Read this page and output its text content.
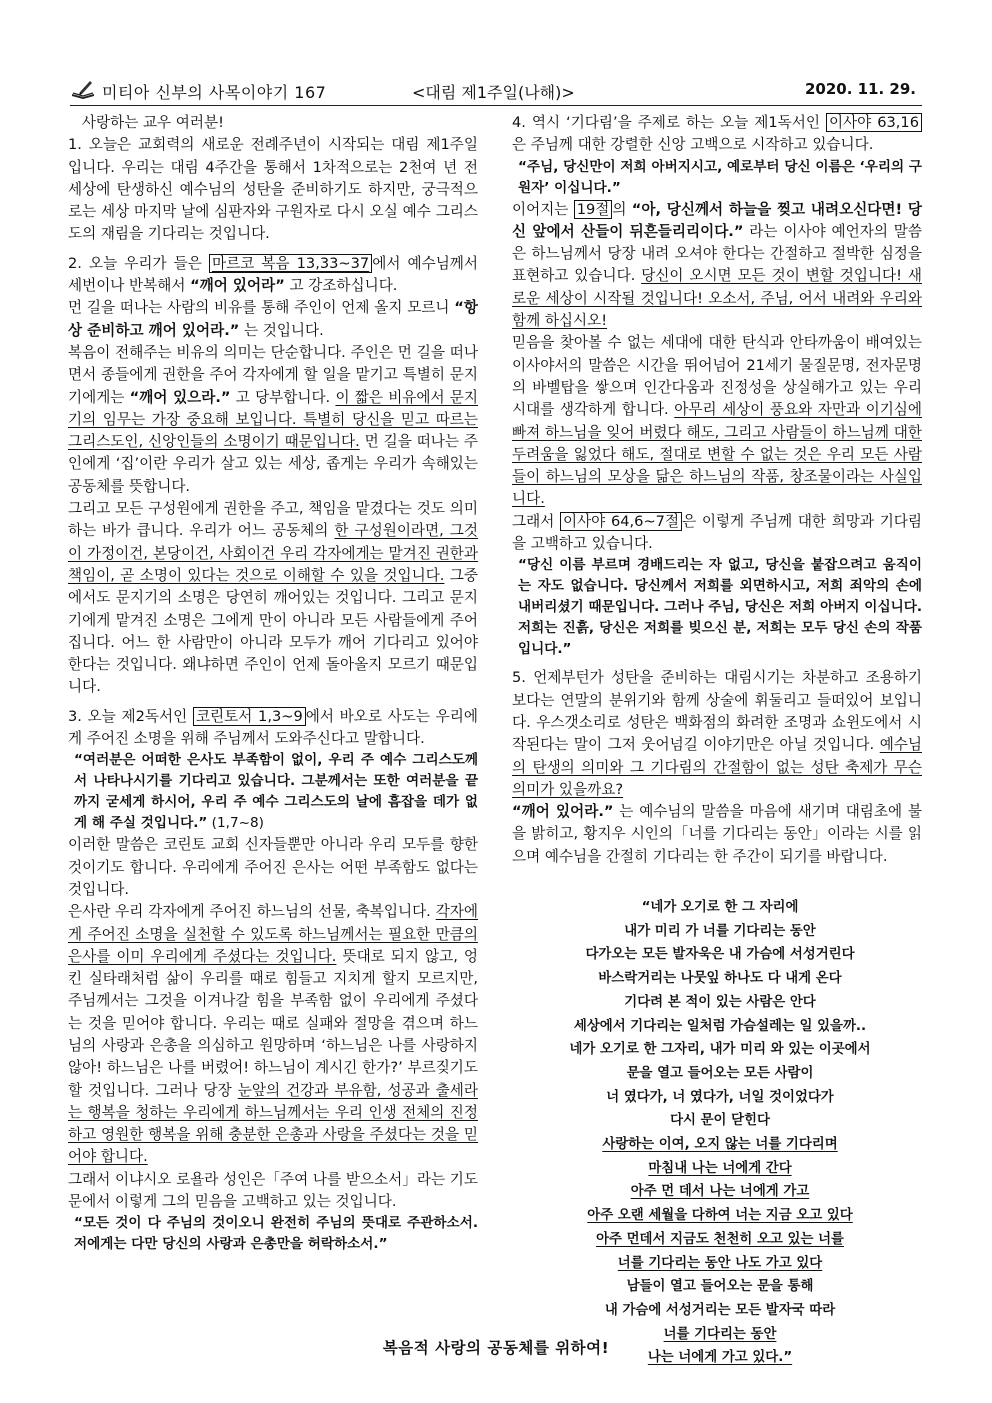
미티아 신부의 사목이야기 167	<대림 제1주일(나해)>	2020. 11. 29.

사랑하는 교우 여러분!

1. 오늘은 교회력의 새로운 전례주년이 시작되는 대림 제1주일 입니다. 우리는 대림 4주간을 통해서 1차적으로는 2천여 년 전 세상에 탄생하신 예수님의 성탄을 준비하기도 하지만, 궁극적으로는 세상 마지막 날에 심판자와 구원자로 다시 오실 예수 그리스도의 재림을 기다리는 것입니다.

2. 오늘 우리가 들은 마르코 복음 13,33~37 에서 예수님께서 세번이나 반복해서 “깨어 있어라” 고 강조하십니다.

먼 길을 떠나는 사람의 비유를 통해 주인이 언제 올지 모르니 “항상 준비하고 깨어 있어라.” 는 것입니다.

복음이 전해주는 비유의 의미는 단순합니다. 주인은 먼 길을 떠나면서 종들에게 권한을 주어 각자에게 할 일을 맡기고 특별히 문지기에게는 “깨어 있으라.” 고 당부합니다. 이 짧은 비유에서 문지기의 임무는 가장 중요해 보입니다. 특별히 당신을 믿고 따르는 그리스도인, 신앙인들의 소명이기 때문입니다. 먼 길을 떠나는 주인에게 ‘집’이란 우리가 살고 있는 세상, 좁게는 우리가 속해있는 공동체를 뜻합니다.

그리고 모든 구성원에게 권한을 주고, 책임을 맡겼다는 것도 의미하는 바가 큽니다. 우리가 어느 공동체의 한 구성원이라면, 그것이 가정이건, 본당이건, 사회이건 우리 각자에게는 맡겨진 권한과 책임이, 곧 소명이 있다는 것으로 이해할 수 있을 것입니다. 그중에서도 문지기의 소명은 당연히 깨어있는 것입니다. 그리고 문지기에게 맡겨진 소명은 그에게 만이 아니라 모든 사람들에게 주어집니다. 어느 한 사람만이 아니라 모두가 깨어 기다리고 있어야 한다는 것입니다. 왜냐하면 주인이 언제 돌아올지 모르기 때문입니다.

3. 오늘 제2독서인 코린토서 1,3~9 에서 바오로 사도는 우리에게 주어진 소명을 위해 주님께서 도와주신다고 말합니다.

“여러분은 어떠한 은사도 부족함이 없이, 우리 주 예수 그리스도께서 나타나시기를 기다리고 있습니다. 그분께서는 또한 여러분을 끝까지 굳세게 하시어, 우리 주 예수 그리스도의 날에 흠잡을 데가 없게 해 주실 것입니다.” (1,7~8)

이러한 말씀은 코린토 교회 신자들뿐만 아니라 우리 모두를 향한 것이기도 합니다. 우리에게 주어진 은사는 어떤 부족함도 없다는 것입니다.

은사란 우리 각자에게 주어진 하느님의 선물, 축복입니다. 각자에게 주어진 소명을 실천할 수 있도록 하느님께서는 필요한 만큼의 은사를 이미 우리에게 주셨다는 것입니다. 뜻대로 되지 않고, 엉킨 실타래처럼 삶이 우리를 때로 힘들고 지치게 할지 모르지만, 주님께서는 그것을 이겨나갈 힘을 부족함 없이 우리에게 주셨다는 것을 믿어야 합니다. 우리는 때로 실패와 절망을 겪으며 하느님의 사랑과 은총을 의심하고 원망하며 ‘하느님은 나를 사랑하지 않아! 하느님은 나를 버렸어! 하느님이 계시긴 한가?’ 부르짖기도 할 것입니다. 그러나 당장 눈앞의 건강과 부유함, 성공과 출세라는 행복을 청하는 우리에게 하느님께서는 우리 인생 전체의 진정하고 영원한 행복을 위해 충분한 은총과 사랑을 주셨다는 것을 믿어야 합니다.

그래서 이냐시오 로욜라 성인은「주여 나를 받으소서」라는 기도문에서 이렇게 그의 믿음을 고백하고 있는 것입니다.

“모든 것이 다 주님의 것이오니 완전히 주님의 뜻대로 주관하소서. 저에게는 다만 당신의 사랑과 은총만을 허락하소서.”

4. 역시 ‘기다림’을 주제로 하는 오늘 제1독서인 이사야 63,16은 주님께 대한 강렬한 신앙 고백으로 시작하고 있습니다.

“주님, 당신만이 저희 아버지시고, 예로부터 당신 이름은 ‘우리의 구원자’ 이십니다.”

이어지는 19절 의 “아, 당신께서 하늘을 찢고 내려오신다면! 당신 앞에서 산들이 뒤흔들리리이다.” 라는 이사야 예언자의 말씀은 하느님께서 당장 내려 오셔야 한다는 간절하고 절박한 심정을 표현하고 있습니다. 당신이 오시면 모든 것이 변할 것입니다! 새로운 세상이 시작될 것입니다! 오소서, 주님, 어서 내려와 우리와 함께 하십시오!

믿음을 찾아볼 수 없는 세대에 대한 탄식과 안타까움이 배여있는 이사야서의 말씀은 시간을 뛰어넘어 21세기 물질문명, 전자문명의 바벨탑을 쌓으며 인간다움과 진정성을 상실해가고 있는 우리 시대를 생각하게 합니다. 아무리 세상이 풍요와 자만과 이기심에 빠져 하느님을 잊어 버렸다 해도, 그리고 사람들이 하느님께 대한 두려움을 잃었다 해도, 절대로 변할 수 없는 것은 우리 모든 사람들이 하느님의 모상을 닮은 하느님의 작품, 창조물이라는 사실입니다.

그래서 이사야 64,6~7절 은 이렇게 주님께 대한 희망과 기다림을 고백하고 있습니다.

“당신 이름 부르며 경배드리는 자 없고, 당신을 붙잡으려고 움직이는 자도 없습니다. 당신께서 저희를 외면하시고, 저희 죄악의 손에 내버리셨기 때문입니다. 그러나 주님, 당신은 저희 아버지 이십니다. 저희는 진흙, 당신은 저희를 빚으신 분, 저희는 모두 당신 손의 작품입니다.”

5. 언제부턴가 성탄을 준비하는 대림시기는 차분하고 조용하기 보다는 연말의 분위기와 함께 상술에 휘둘리고 들떠있어 보입니다. 우스갯소리로 성탄은 백화점의 화려한 조명과 쇼윈도에서 시작된다는 말이 그저 웃어넘길 이야기만은 아닐 것입니다. 예수님의 탄생의 의미와 그 기다림의 간절함이 없는 성탄 축제가 무슨 의미가 있을까요?

“깨어 있어라.” 는 예수님의 말씀을 마음에 새기며 대림초에 불을 밝히고, 황지우 시인의「너를 기다리는 동안」이라는 시를 읽으며 예수님을 간절히 기다리는 한 주간이 되기를 바랍니다.

“네가 오기로 한 그 자리에
내가 미리 가 너를 기다리는 동안
다가오는 모든 발자욱은 내 가슴에 서성거린다
바스락거리는 나뭇잎 하나도 다 내게 온다
기다려 본 적이 있는 사람은 안다
세상에서 기다리는 일처럼 가슴설레는 일 있을까..
네가 오기로 한 그자리, 내가 미리 와 있는 이곳에서
문을 열고 들어오는 모든 사람이
너 였다가, 너 였다가, 너일 것이었다가
다시 문이 닫힌다
사랑하는 이여, 오지 않는 너를 기다리며
마침내 나는 너에게 간다
아주 먼 데서 나는 너에게 가고
아주 오랜 세월을 다하여 너는 지금 오고 있다
아주 먼데서 지금도 천천히 오고 있는 너를
너를 기다리는 동안 나도 가고 있다
남들이 열고 들어오는 문을 통해
내 가슴에 서성거리는 모든 발자국 따라
너를 기다리는 동안
나는 너에게 가고 있다.”
복음적 사랑의 공동체를 위하여!
